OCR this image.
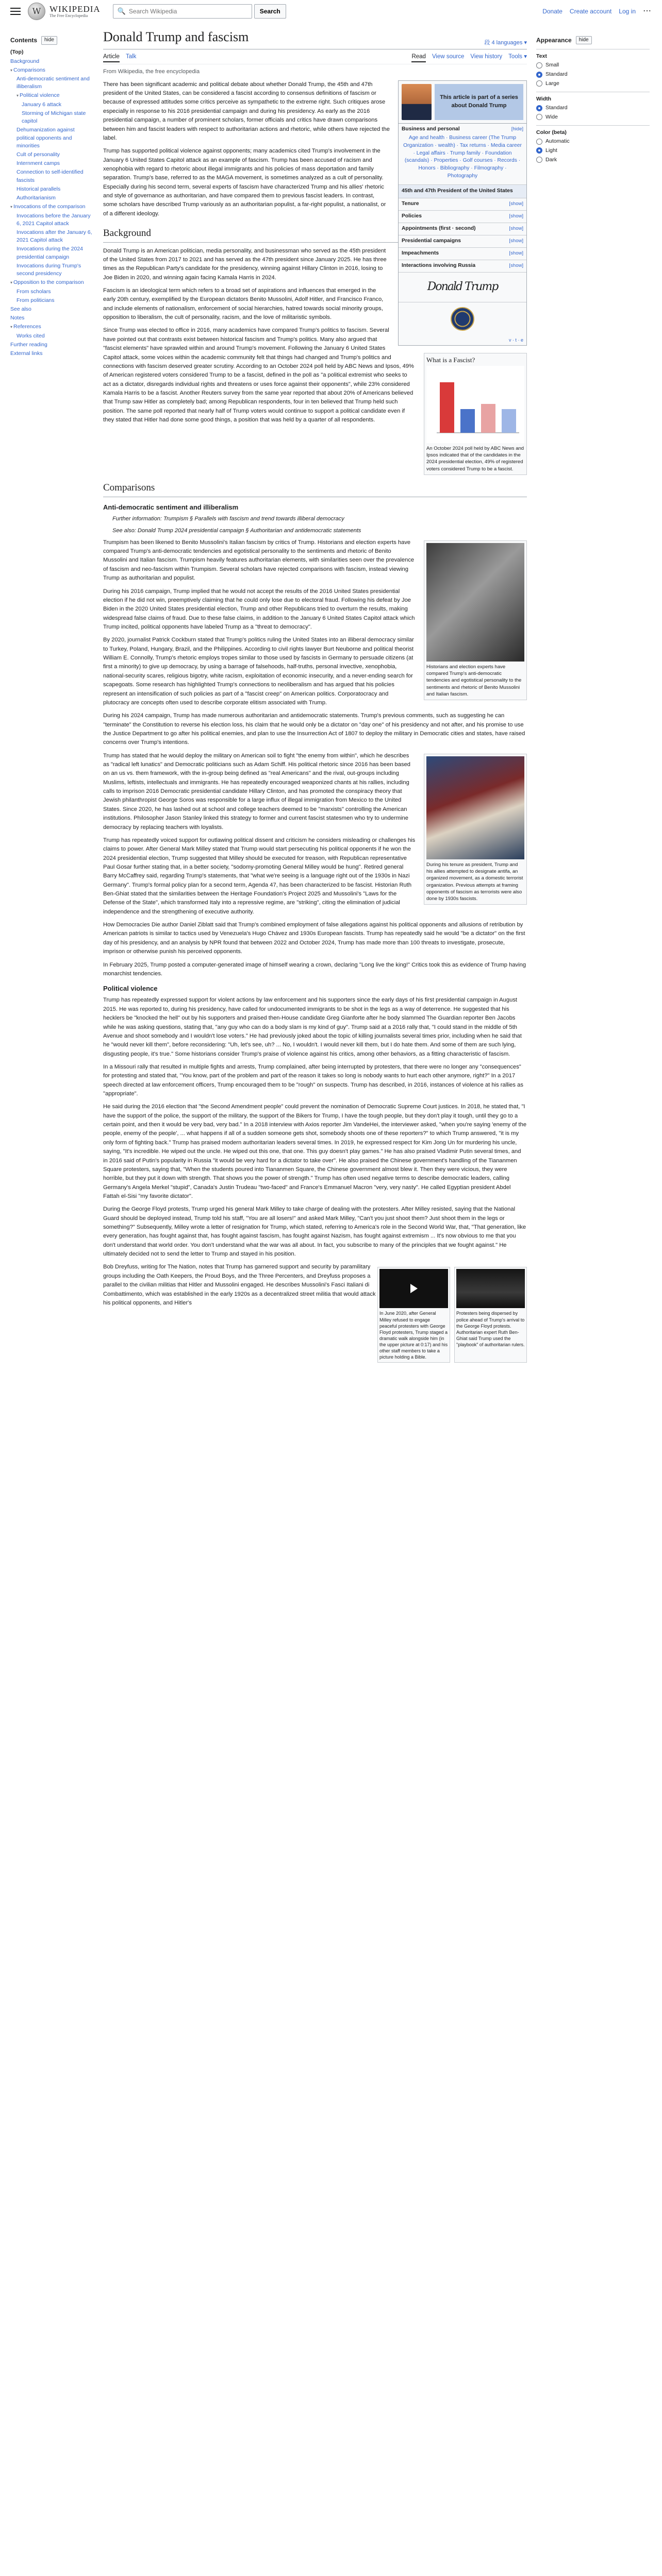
W WIKIPEDIA
The Free Encyclopedia
🔍
Search Wikipedia	Search	Donate Create account Log in ⋯
Contents	hide
(Top)
Background
▾ Comparisons
Anti-democratic sentiment and illiberalism
▾ Political violence
January 6 attack
Storming of Michigan state capitol
Dehumanization against political opponents and minorities
Cult of personality
Internment camps
Connection to self-identified fascists
Historical parallels
Authoritarianism
▾ Invocations of the comparison
Invocations before the January 6, 2021 Capitol attack
Invocations after the January 6, 2021 Capitol attack
Invocations during the 2024 presidential campaign
Invocations during Trump's second presidency
▾ Opposition to the comparison
From scholars
From politicians
See also
Notes
▾ References
Works cited
Further reading
External links
Donald Trump and fascism	段 4 languages ▾
Article Talk	Read View source View history Tools ▾
From Wikipedia, the free encyclopedia
This article is part of a series about Donald Trump
Business and personal	[hide]
Age and health · Business career (The Trump Organization · wealth) · Tax returns · Media career · Legal affairs · Trump family · Foundation (scandals) · Properties · Golf courses · Records · Honors · Bibliography · Filmography · Photography
45th and 47th President of the United States
Tenure	[show]
Policies	[show]
Appointments (first · second)	[show]
Presidential campaigns	[show]
Impeachments	[show]
Interactions involving Russia	[show]
Donald Trump
v · t · e

There has been significant academic and political debate about whether Donald Trump, the 45th and 47th president of the United States, can be considered a fascist according to consensus definitions of fascism or because of expressed attitudes some critics perceive as sympathetic to the extreme right. Such critiques arose especially in response to his 2016 presidential campaign and during his presidency. As early as the 2016 presidential campaign, a number of prominent scholars, former officials and critics have drawn comparisons between him and fascist leaders with respect to authoritarian actions and rhetoric, while others have rejected the label.

Trump has supported political violence against opponents; many academics cited Trump's involvement in the January 6 United States Capitol attack as an example of fascism. Trump has been accused of racism and xenophobia with regard to rhetoric about illegal immigrants and his policies of mass deportation and family separation. Trump's base, referred to as the MAGA movement, is sometimes analyzed as a cult of personality. Especially during his second term, several experts of fascism have characterized Trump and his allies' rhetoric and style of governance as authoritarian, and have compared them to previous fascist leaders. In contrast, some scholars have described Trump variously as an authoritarian populist, a far-right populist, a nationalist, or of a different ideology.

Background
What is a Fascist?
An October 2024 poll held by ABC News and Ipsos indicated that of the candidates in the 2024 presidential election, 49% of registered voters considered Trump to be a fascist.

Donald Trump is an American politician, media personality, and businessman who served as the 45th president of the United States from 2017 to 2021 and has served as the 47th president since January 2025. He has three times as the Republican Party's candidate for the presidency, winning against Hillary Clinton in 2016, losing to Joe Biden in 2020, and winning again facing Kamala Harris in 2024.

Fascism is an ideological term which refers to a broad set of aspirations and influences that emerged in the early 20th century, exemplified by the European dictators Benito Mussolini, Adolf Hitler, and Francisco Franco, and include elements of nationalism, enforcement of social hierarchies, hatred towards social minority groups, opposition to liberalism, the cult of personality, racism, and the love of militaristic symbols.

Since Trump was elected to office in 2016, many academics have compared Trump's politics to fascism. Several have pointed out that contrasts exist between historical fascism and Trump's politics. Many also argued that "fascist elements" have sprawled within and around Trump's movement. Following the January 6 United States Capitol attack, some voices within the academic community felt that things had changed and Trump's politics and connections with fascism deserved greater scrutiny. According to an October 2024 poll held by ABC News and Ipsos, 49% of American registered voters considered Trump to be a fascist, defined in the poll as "a political extremist who seeks to act as a dictator, disregards individual rights and threatens or uses force against their opponents", while 23% considered Kamala Harris to be a fascist. Another Reuters survey from the same year reported that about 20% of Americans believed that Trump saw Hitler as completely bad; among Republican respondents, four in ten believed that Trump held such position. The same poll reported that nearly half of Trump voters would continue to support a political candidate even if they stated that Hitler had done some good things, a position that was held by a quarter of all respondents.

Comparisons
Anti-democratic sentiment and illiberalism
Further information: Trumpism § Parallels with fascism and trend towards illiberal democracy
See also: Donald Trump 2024 presidential campaign § Authoritarian and antidemocratic statements
Historians and election experts have compared Trump's anti-democratic tendencies and egotistical personality to the sentiments and rhetoric of Benito Mussolini and Italian fascism.

Trumpism has been likened to Benito Mussolini's Italian fascism by critics of Trump. Historians and election experts have compared Trump's anti-democratic tendencies and egotistical personality to the sentiments and rhetoric of Benito Mussolini and Italian fascism. Trumpism heavily features authoritarian elements, with similarities seen over the prevalence of fascism and neo-fascism within Trumpism. Several scholars have rejected comparisons with fascism, instead viewing Trump as authoritarian and populist.

During his 2016 campaign, Trump implied that he would not accept the results of the 2016 United States presidential election if he did not win, preemptively claiming that he could only lose due to electoral fraud. Following his defeat by Joe Biden in the 2020 United States presidential election, Trump and other Republicans tried to overturn the results, making widespread false claims of fraud. Due to these false claims, in addition to the January 6 United States Capitol attack which Trump incited, political opponents have labeled Trump as a "threat to democracy".

By 2020, journalist Patrick Cockburn stated that Trump's politics ruling the United States into an illiberal democracy similar to Turkey, Poland, Hungary, Brazil, and the Philippines. According to civil rights lawyer Burt Neuborne and political theorist William E. Connolly, Trump's rhetoric employs tropes similar to those used by fascists in Germany to persuade citizens (at first a minority) to give up democracy, by using a barrage of falsehoods, half-truths, personal invective, xenophobia, national-security scares, religious bigotry, white racism, exploitation of economic insecurity, and a never-ending search for scapegoats. Some research has highlighted Trump's connections to neoliberalism and has argued that his policies represent an intensification of such policies as part of a "fascist creep" on American politics. Corporatocracy and plutocracy are concepts often used to describe corporate elitism associated with Trump.

During his 2024 campaign, Trump has made numerous authoritarian and antidemocratic statements. Trump's previous comments, such as suggesting he can "terminate" the Constitution to reverse his election loss, his claim that he would only be a dictator on "day one" of his presidency and not after, and his promise to use the Justice Department to go after his political enemies, and plan to use the Insurrection Act of 1807 to deploy the military in Democratic cities and states, have raised concerns over Trump's intentions.

During his tenure as president, Trump and his allies attempted to designate antifa, an organized movement, as a domestic terrorist organization. Previous attempts at framing opponents of fascism as terrorists were also done by 1930s fascists.

Trump has stated that he would deploy the military on American soil to fight "the enemy from within", which he describes as "radical left lunatics" and Democratic politicians such as Adam Schiff. His political rhetoric since 2016 has been based on an us vs. them framework, with the in-group being defined as "real Americans" and the rival, out-groups including Muslims, leftists, intellectuals and immigrants. He has repeatedly encouraged weaponized chants at his rallies, including calls to imprison 2016 Democratic presidential candidate Hillary Clinton, and has promoted the conspiracy theory that Jewish philanthropist George Soros was responsible for a large influx of illegal immigration from Mexico to the United States. Since 2020, he has lashed out at school and college teachers deemed to be "marxists" controlling the American institutions. Philosopher Jason Stanley linked this strategy to former and current fascist statesmen who try to undermine democracy by replacing teachers with loyalists.

Trump has repeatedly voiced support for outlawing political dissent and criticism he considers misleading or challenges his claims to power. After General Mark Milley stated that Trump would start persecuting his political opponents if he won the 2024 presidential election, Trump suggested that Milley should be executed for treason, with Republican representative Paul Gosar further stating that, in a better society, "sodomy-promoting General Milley would be hung". Retired general Barry McCaffrey said, regarding Trump's statements, that "what we're seeing is a language right out of the 1930s in Nazi Germany". Trump's formal policy plan for a second term, Agenda 47, has been characterized to be fascist. Historian Ruth Ben-Ghiat stated that the similarities between the Heritage Foundation's Project 2025 and Mussolini's "Laws for the Defense of the State", which transformed Italy into a repressive regime, are "striking", citing the elimination of judicial independence and the strengthening of executive authority.

How Democracies Die author Daniel Ziblatt said that Trump's combined employment of false allegations against his political opponents and allusions of retribution by American patriots is similar to tactics used by Venezuela's Hugo Chávez and 1930s European fascists. Trump has repeatedly said he would "be a dictator" on the first day of his presidency, and an analysis by NPR found that between 2022 and October 2024, Trump has made more than 100 threats to investigate, prosecute, imprison or otherwise punish his perceived opponents.

In February 2025, Trump posted a computer-generated image of himself wearing a crown, declaring "Long live the king!" Critics took this as evidence of Trump having monarchist tendencies.

Political violence

Trump has repeatedly expressed support for violent actions by law enforcement and his supporters since the early days of his first presidential campaign in August 2015. He was reported to, during his presidency, have called for undocumented immigrants to be shot in the legs as a way of deterrence. He suggested that his hecklers be "knocked the hell" out by his supporters and praised then-House candidate Greg Gianforte after he body slammed The Guardian reporter Ben Jacobs while he was asking questions, stating that, "any guy who can do a body slam is my kind of guy". Trump said at a 2016 rally that, "I could stand in the middle of 5th Avenue and shoot somebody and I wouldn't lose voters." He had previously joked about the topic of killing journalists several times prior, including when he said that he "would never kill them", before reconsidering: "Uh, let's see, uh? ... No, I wouldn't. I would never kill them, but I do hate them. And some of them are such lying, disgusting people, it's true." Some historians consider Trump's praise of violence against his critics, among other behaviors, as a fitting characteristic of fascism.

In a Missouri rally that resulted in multiple fights and arrests, Trump complained, after being interrupted by protesters, that there were no longer any "consequences" for protesting and stated that, "You know, part of the problem and part of the reason it takes so long is nobody wants to hurt each other anymore, right?" In a 2017 speech directed at law enforcement officers, Trump encouraged them to be "rough" on suspects. Trump has described, in 2016, instances of violence at his rallies as "appropriate".

He said during the 2016 election that "the Second Amendment people" could prevent the nomination of Democratic Supreme Court justices. In 2018, he stated that, "I have the support of the police, the support of the military, the support of the Bikers for Trump, I have the tough people, but they don't play it tough, until they go to a certain point, and then it would be very bad, very bad." In a 2018 interview with Axios reporter Jim VandeHei, the interviewer asked, "when you're saying 'enemy of the people, enemy of the people', ... what happens if all of a sudden someone gets shot, somebody shoots one of these reporters?" to which Trump answered, "it is my only form of fighting back." Trump has praised modern authoritarian leaders several times. In 2019, he expressed respect for Kim Jong Un for murdering his uncle, saying, "It's incredible. He wiped out the uncle. He wiped out this one, that one. This guy doesn't play games." He has also praised Vladimir Putin several times, and in 2016 said of Putin's popularity in Russia "it would be very hard for a dictator to take over". He also praised the Chinese government's handling of the Tiananmen Square protesters, saying that, "When the students poured into Tiananmen Square, the Chinese government almost blew it. Then they were vicious, they were horrible, but they put it down with strength. That shows you the power of strength." Trump has often used negative terms to describe democratic leaders, calling Germany's Angela Merkel "stupid", Canada's Justin Trudeau "two-faced" and France's Emmanuel Macron "very, very nasty". He called Egyptian president Abdel Fattah el-Sisi "my favorite dictator".

During the George Floyd protests, Trump urged his general Mark Milley to take charge of dealing with the protesters. After Milley resisted, saying that the National Guard should be deployed instead, Trump told his staff, "You are all losers!" and asked Mark Milley, "Can't you just shoot them? Just shoot them in the legs or something?" Subsequently, Milley wrote a letter of resignation for Trump, which stated, referring to America's role in the Second World War, that, "That generation, like every generation, has fought against that, has fought against fascism, has fought against Nazism, has fought against extremism ... It's now obvious to me that you don't understand that world order. You don't understand what the war was all about. In fact, you subscribe to many of the principles that we fought against." He ultimately decided not to send the letter to Trump and stayed in his position.

In June 2020, after General Milley refused to engage peaceful protesters with George Floyd protesters, Trump staged a dramatic walk alongside him (in the upper picture at 0:17) and his other staff members to take a picture holding a Bible.
Protesters being dispersed by police ahead of Trump's arrival to the George Floyd protests. Authoritarian expert Ruth Ben-Ghiat said Trump used the "playbook" of authoritarian rulers.

Bob Dreyfuss, writing for The Nation, notes that Trump has garnered support and security by paramilitary groups including the Oath Keepers, the Proud Boys, and the Three Percenters, and Dreyfuss proposes a parallel to the civilian militias that Hitler and Mussolini engaged. He describes Mussolini's Fasci Italiani di Combattimento, which was established in the early 1920s as a decentralized street militia that would attack his political opponents, and Hitler's

Appearance	hide
Text
Small
Standard
Large
Width
Standard
Wide
Color (beta)
Automatic
Light
Dark
